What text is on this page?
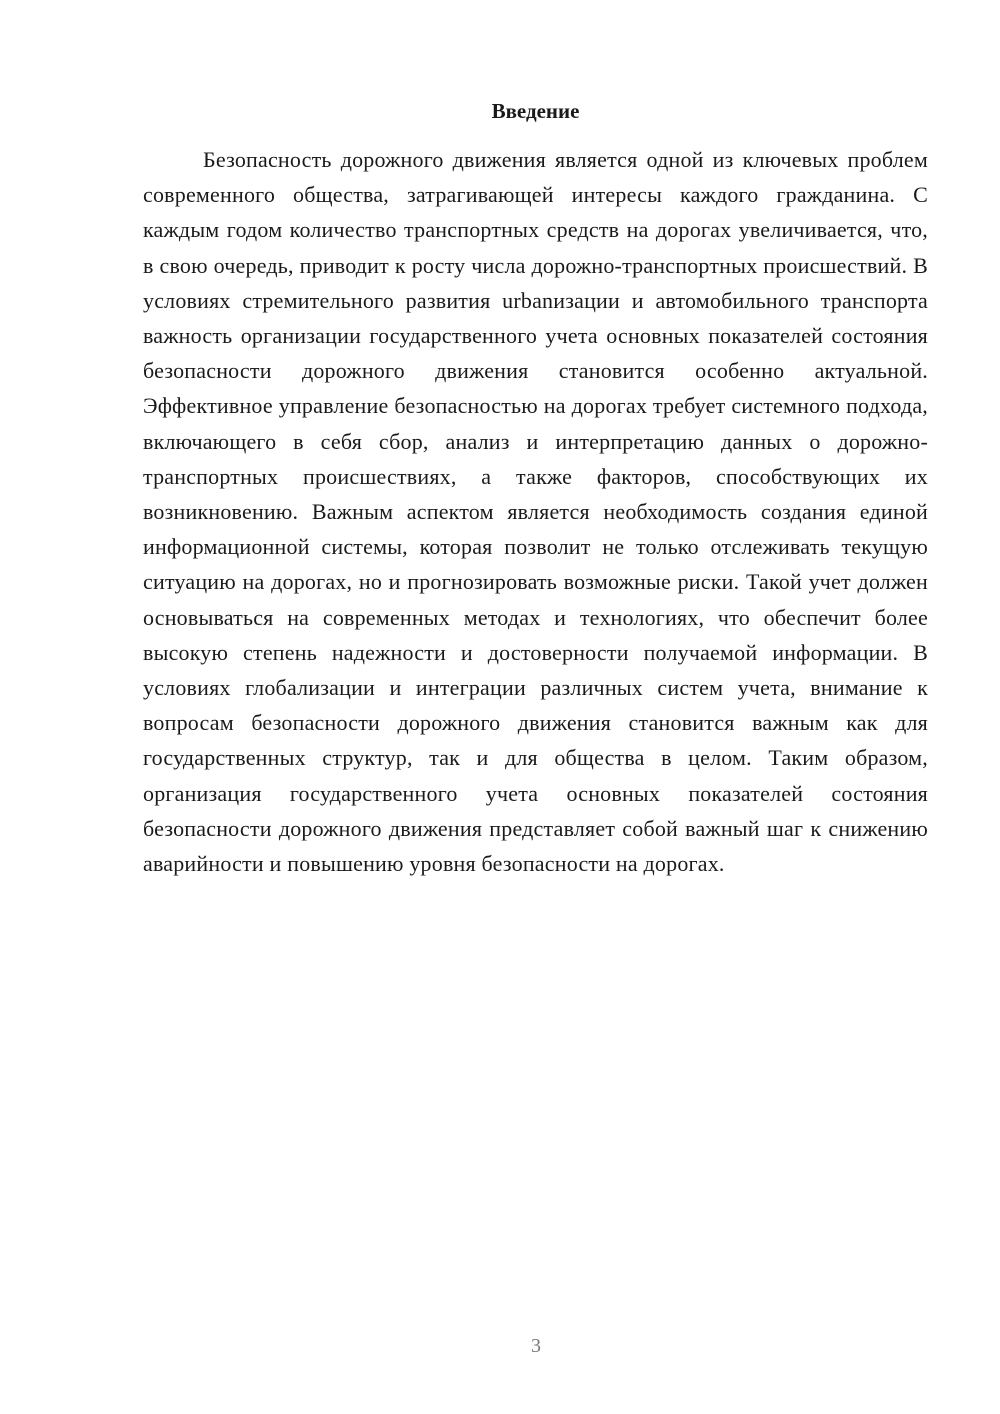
Введение

Безопасность дорожного движения является одной из ключевых проблем современного общества, затрагивающей интересы каждого гражданина. С каждым годом количество транспортных средств на дорогах увеличивается, что, в свою очередь, приводит к росту числа дорожно-транспортных происшествий. В условиях стремительного развития urbanизации и автомобильного транспорта важность организации государственного учета основных показателей состояния безопасности дорожного движения становится особенно актуальной. Эффективное управление безопасностью на дорогах требует системного подхода, включающего в себя сбор, анализ и интерпретацию данных о дорожно-транспортных происшествиях, а также факторов, способствующих их возникновению. Важным аспектом является необходимость создания единой информационной системы, которая позволит не только отслеживать текущую ситуацию на дорогах, но и прогнозировать возможные риски. Такой учет должен основываться на современных методах и технологиях, что обеспечит более высокую степень надежности и достоверности получаемой информации. В условиях глобализации и интеграции различных систем учета, внимание к вопросам безопасности дорожного движения становится важным как для государственных структур, так и для общества в целом. Таким образом, организация государственного учета основных показателей состояния безопасности дорожного движения представляет собой важный шаг к снижению аварийности и повышению уровня безопасности на дорогах.

3
